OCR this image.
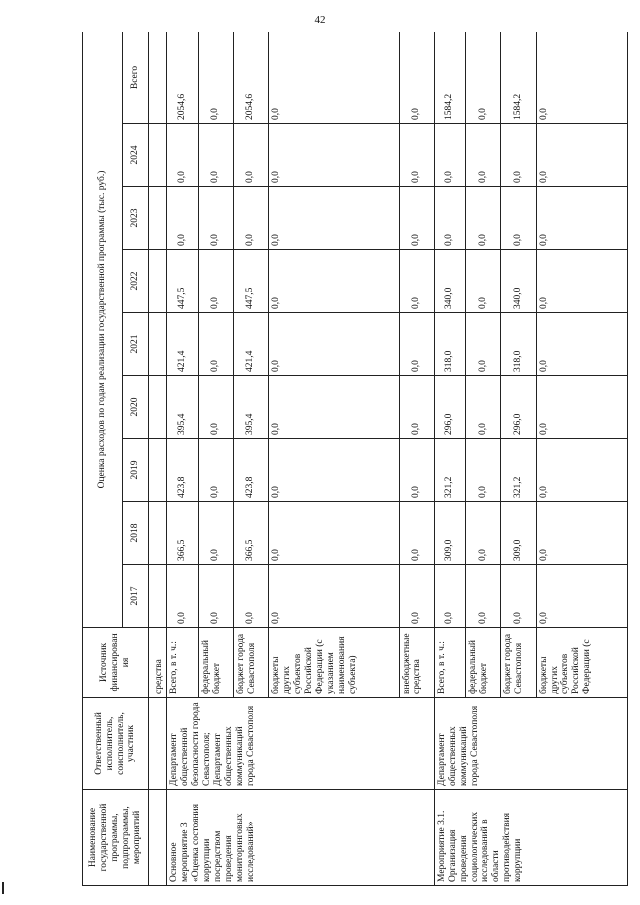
42
Наименование государственной программы, подпрограммы, мероприятий	Ответственный исполнитель, соисполнитель, участник	Источник финансирования	Оценка расходов по годам реализации государственной программы (тыс. руб.)								
			2017	2018	2019	2020	2021	2022	2023	2024	Всего

		средства									

Основное мероприятие 3 «Оценка состояния коррупции посредством проведения мониторинговых исследований»	Департамент общественной безопасности города Севастополя; Департамент общественных коммуникаций города Севастополя	Всего, в т. ч.:	0,0	366,5	423,8	395,4	421,4	447,5	0,0	0,0	2054,6
		федеральный бюджет	0,0	0,0	0,0	0,0	0,0	0,0	0,0	0,0	0,0
		бюджет города Севастополя	0,0	366,5	423,8	395,4	421,4	447,5	0,0	0,0	2054,6
		бюджеты других субъектов Российской Федерации (с указанием наименования субъекта)	0,0	0,0	0,0	0,0	0,0	0,0	0,0	0,0	0,0
		внебюджетные средства	0,0	0,0	0,0	0,0	0,0	0,0	0,0	0,0	0,0
Мероприятие 3.1. Организация проведения социологических исследований в области противодействия коррупции	Департамент общественных коммуникаций города Севастополя	Всего, в т. ч.:	0,0	309,0	321,2	296,0	318,0	340,0	0,0	0,0	1584,2
		федеральный бюджет	0,0	0,0	0,0	0,0	0,0	0,0	0,0	0,0	0,0
		бюджет города Севастополя	0,0	309,0	321,2	296,0	318,0	340,0	0,0	0,0	1584,2
		бюджеты других субъектов Российской Федерации (с	0,0	0,0	0,0	0,0	0,0	0,0	0,0	0,0	0,0
